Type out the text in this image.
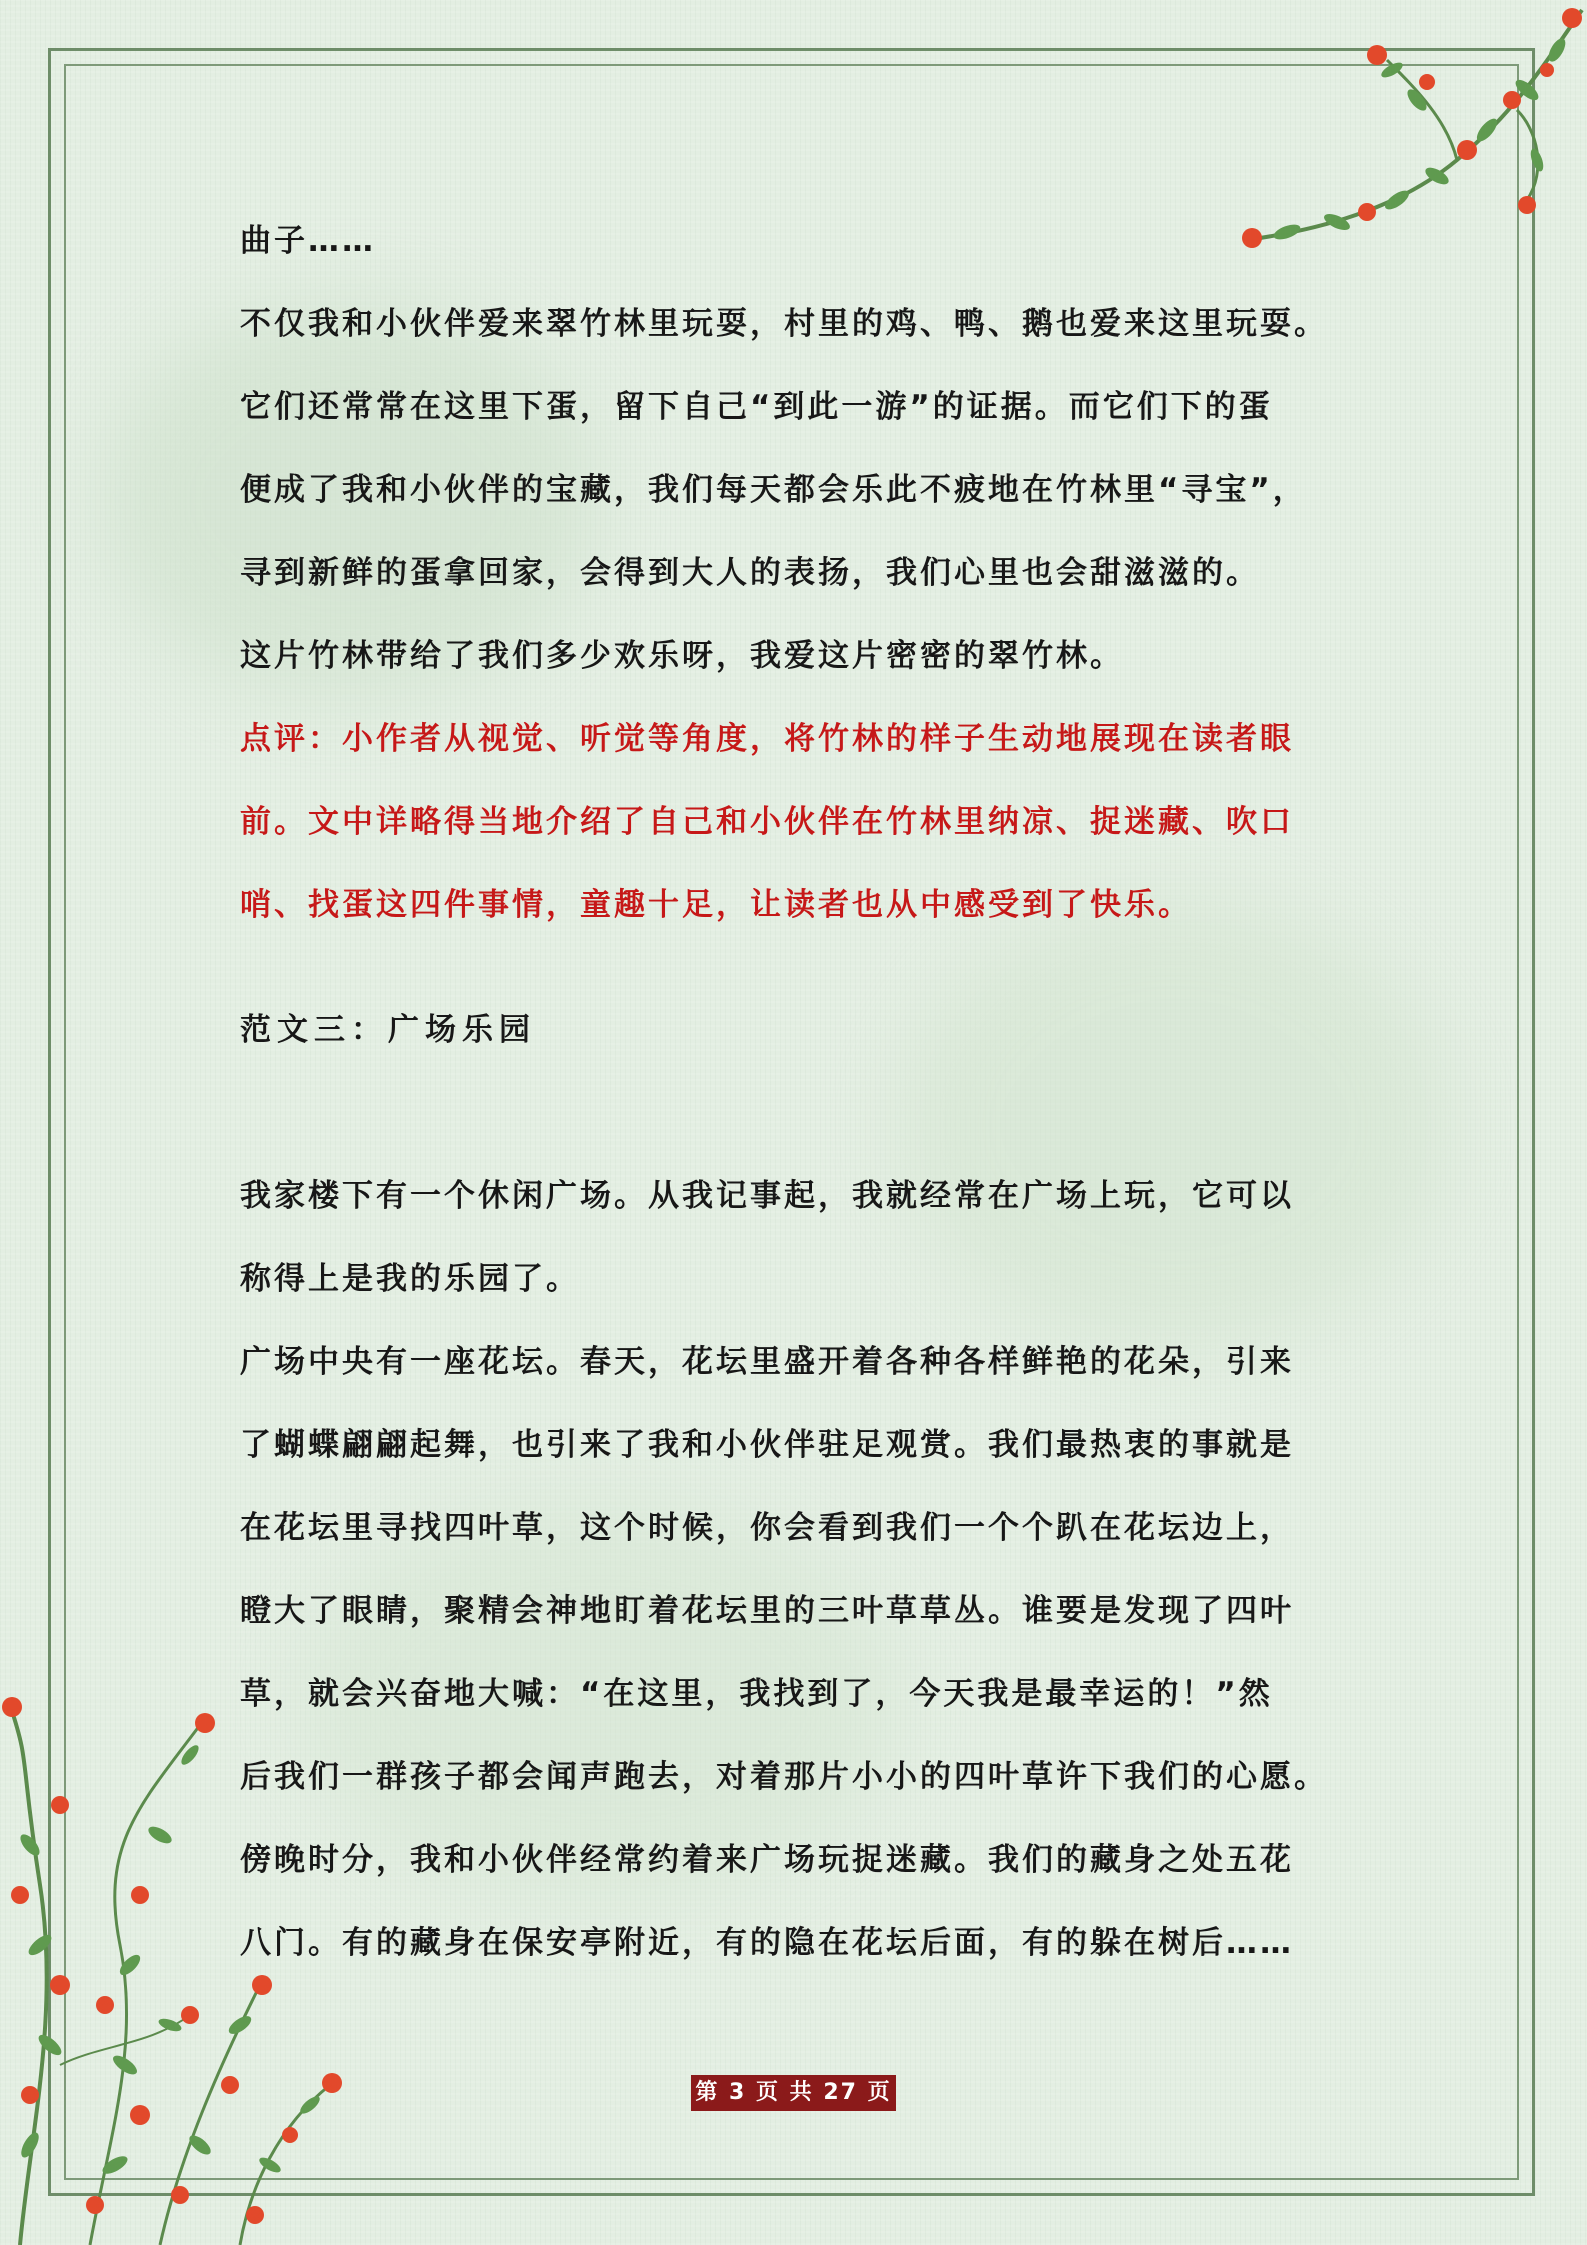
曲子……

不仅我和小伙伴爱来翠竹林里玩耍，村里的鸡、鸭、鹅也爱来这里玩耍。
它们还常常在这里下蛋，留下自己“到此一游”的证据。而它们下的蛋
便成了我和小伙伴的宝藏，我们每天都会乐此不疲地在竹林里“寻宝”，
寻到新鲜的蛋拿回家，会得到大人的表扬，我们心里也会甜滋滋的。

这片竹林带给了我们多少欢乐呀，我爱这片密密的翠竹林。

点评：小作者从视觉、听觉等角度，将竹林的样子生动地展现在读者眼
前。文中详略得当地介绍了自己和小伙伴在竹林里纳凉、捉迷藏、吹口
哨、找蛋这四件事情，童趣十足，让读者也从中感受到了快乐。

范文三：广场乐园

我家楼下有一个休闲广场。从我记事起，我就经常在广场上玩，它可以
称得上是我的乐园了。

广场中央有一座花坛。春天，花坛里盛开着各种各样鲜艳的花朵，引来
了蝴蝶翩翩起舞，也引来了我和小伙伴驻足观赏。我们最热衷的事就是
在花坛里寻找四叶草，这个时候，你会看到我们一个个趴在花坛边上，
瞪大了眼睛，聚精会神地盯着花坛里的三叶草草丛。谁要是发现了四叶
草，就会兴奋地大喊：“在这里，我找到了，今天我是最幸运的！”然
后我们一群孩子都会闻声跑去，对着那片小小的四叶草许下我们的心愿。

傍晚时分，我和小伙伴经常约着来广场玩捉迷藏。我们的藏身之处五花
八门。有的藏身在保安亭附近，有的隐在花坛后面，有的躲在树后……

第 3 页 共 27 页
